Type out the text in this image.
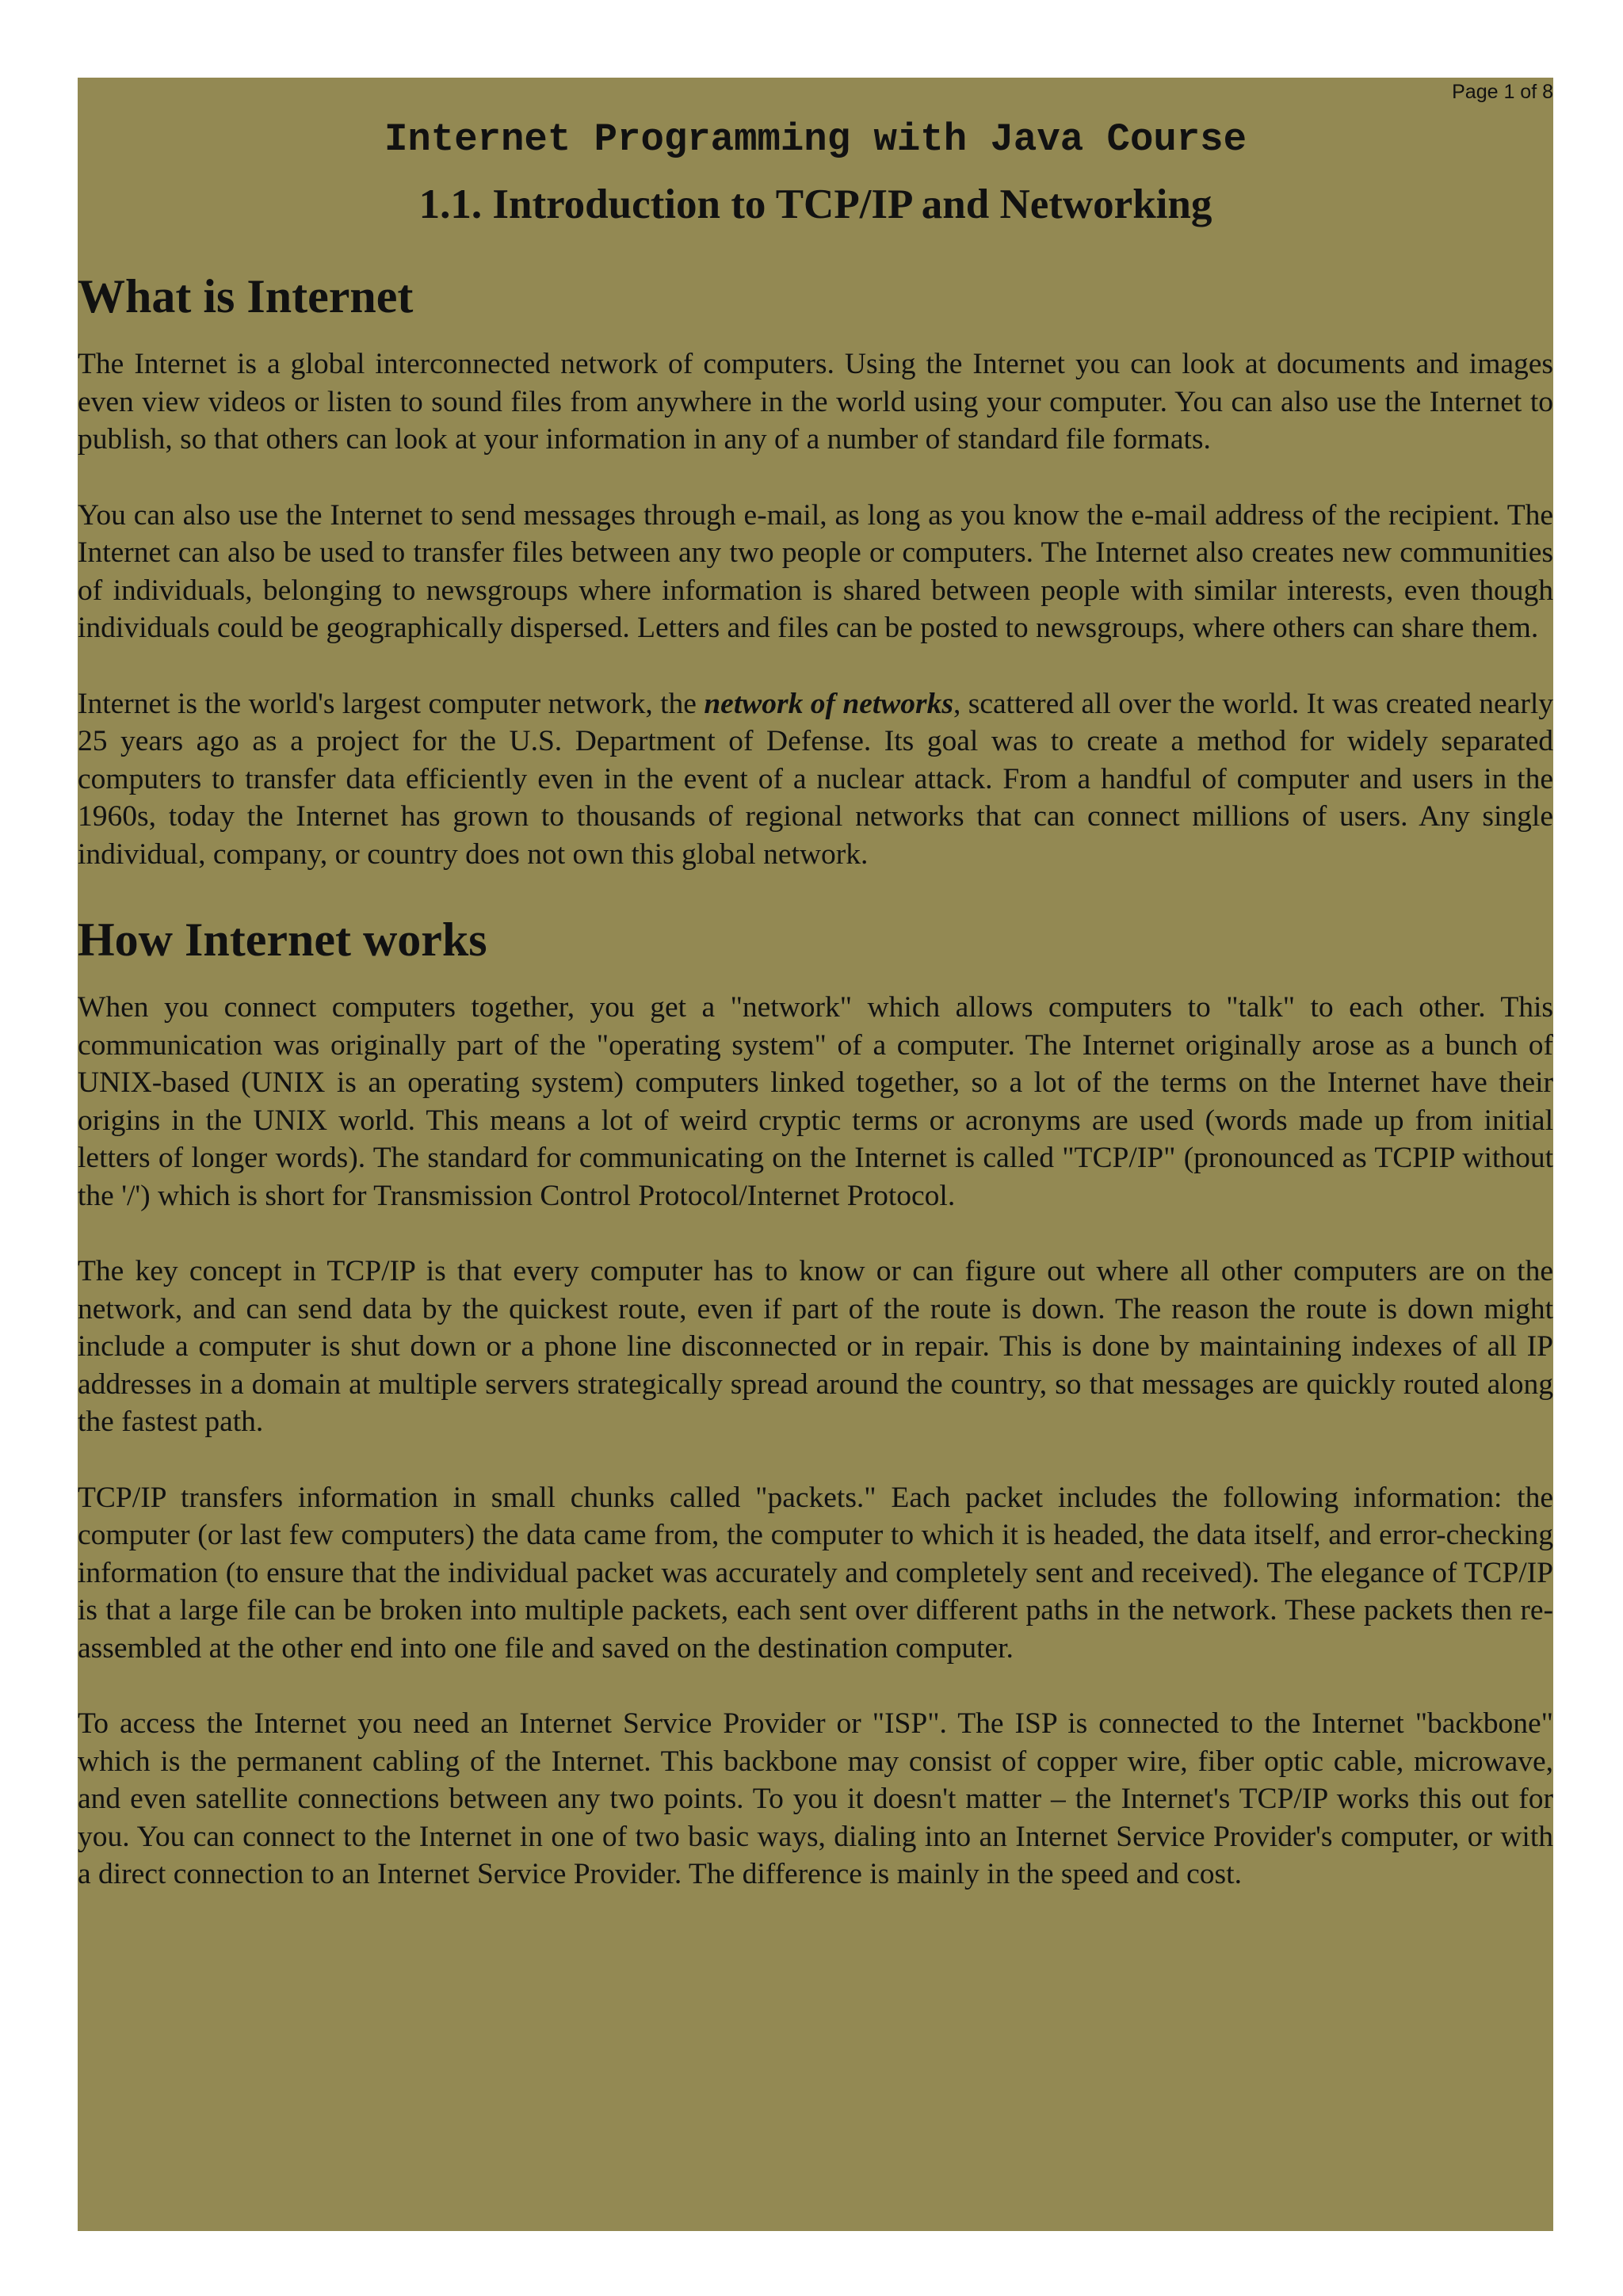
Page 1 of 8
Internet Programming with Java Course
1.1. Introduction to TCP/IP and Networking
What is Internet

The Internet is a global interconnected network of computers. Using the Internet you can look at documents and images even view videos or listen to sound files from anywhere in the world using your computer. You can also use the Internet to publish, so that others can look at your information in any of a number of standard file formats.

You can also use the Internet to send messages through e-mail, as long as you know the e-mail address of the recipient. The Internet can also be used to transfer files between any two people or computers. The Internet also creates new communities of individuals, belonging to newsgroups where information is shared between people with similar interests, even though individuals could be geographically dispersed. Letters and files can be posted to newsgroups, where others can share them.

Internet is the world's largest computer network, the network of networks, scattered all over the world. It was created nearly 25 years ago as a project for the U.S. Department of Defense. Its goal was to create a method for widely separated computers to transfer data efficiently even in the event of a nuclear attack. From a handful of computer and users in the 1960s, today the Internet has grown to thousands of regional networks that can connect millions of users. Any single individual, company, or country does not own this global network.

How Internet works

When you connect computers together, you get a "network" which allows computers to "talk" to each other. This communication was originally part of the "operating system" of a computer. The Internet originally arose as a bunch of UNIX-based (UNIX is an operating system) computers linked together, so a lot of the terms on the Internet have their origins in the UNIX world. This means a lot of weird cryptic terms or acronyms are used (words made up from initial letters of longer words). The standard for communicating on the Internet is called "TCP/IP" (pronounced as TCPIP without the '/') which is short for Transmission Control Protocol/Internet Protocol.

The key concept in TCP/IP is that every computer has to know or can figure out where all other computers are on the network, and can send data by the quickest route, even if part of the route is down. The reason the route is down might include a computer is shut down or a phone line disconnected or in repair. This is done by maintaining indexes of all IP addresses in a domain at multiple servers strategically spread around the country, so that messages are quickly routed along the fastest path.

TCP/IP transfers information in small chunks called "packets." Each packet includes the following information: the computer (or last few computers) the data came from, the computer to which it is headed, the data itself, and error-checking information (to ensure that the individual packet was accurately and completely sent and received). The elegance of TCP/IP is that a large file can be broken into multiple packets, each sent over different paths in the network. These packets then re-assembled at the other end into one file and saved on the destination computer.

To access the Internet you need an Internet Service Provider or "ISP". The ISP is connected to the Internet "backbone" which is the permanent cabling of the Internet. This backbone may consist of copper wire, fiber optic cable, microwave, and even satellite connections between any two points. To you it doesn't matter – the Internet's TCP/IP works this out for you. You can connect to the Internet in one of two basic ways, dialing into an Internet Service Provider's computer, or with a direct connection to an Internet Service Provider. The difference is mainly in the speed and cost.
